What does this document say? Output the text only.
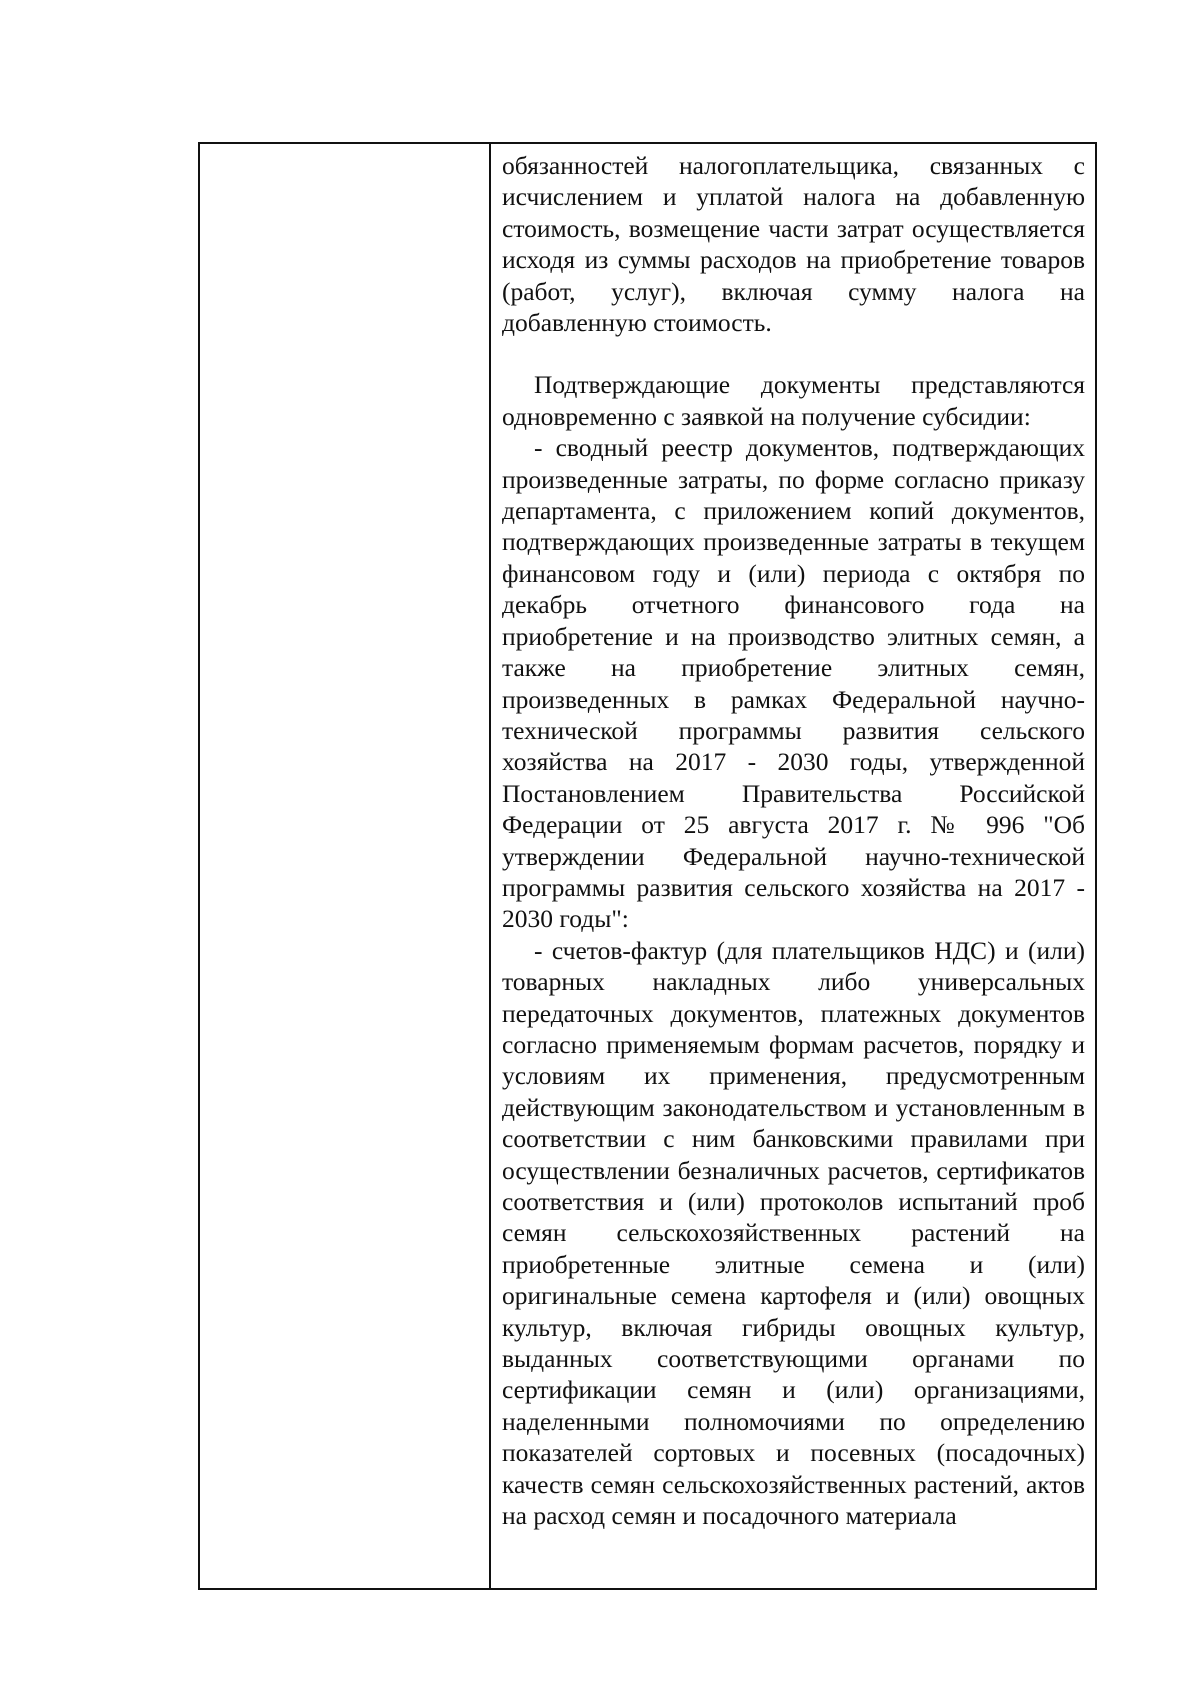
обязанностей налогоплательщика, связанных с исчислением и уплатой налога на добавленную стоимость, возмещение части затрат осуществляется исходя из суммы расходов на приобретение товаров (работ, услуг), включая сумму налога на добавленную стоимость.

Подтверждающие документы представляются одновременно с заявкой на получение субсидии:

- сводный реестр документов, подтверждающих произведенные затраты, по форме согласно приказу департамента, с приложением копий документов, подтверждающих произведенные затраты в текущем финансовом году и (или) периода с октября по декабрь отчетного финансового года на приобретение и на производство элитных семян, а также на приобретение элитных семян, произведенных в рамках Федеральной научно-технической программы развития сельского хозяйства на 2017 - 2030 годы, утвержденной Постановлением Правительства Российской Федерации от 25 августа 2017 г. № 996 "Об утверждении Федеральной научно-технической программы развития сельского хозяйства на 2017 - 2030 годы":

- счетов-фактур (для плательщиков НДС) и (или) товарных накладных либо универсальных передаточных документов, платежных документов согласно применяемым формам расчетов, порядку и условиям их применения, предусмотренным действующим законодательством и установленным в соответствии с ним банковскими правилами при осуществлении безналичных расчетов, сертификатов соответствия и (или) протоколов испытаний проб семян сельскохозяйственных растений на приобретенные элитные семена и (или) оригинальные семена картофеля и (или) овощных культур, включая гибриды овощных культур, выданных соответствующими органами по сертификации семян и (или) организациями, наделенными полномочиями по определению показателей сортовых и посевных (посадочных) качеств семян сельскохозяйственных растений, актов на расход семян и посадочного материала
